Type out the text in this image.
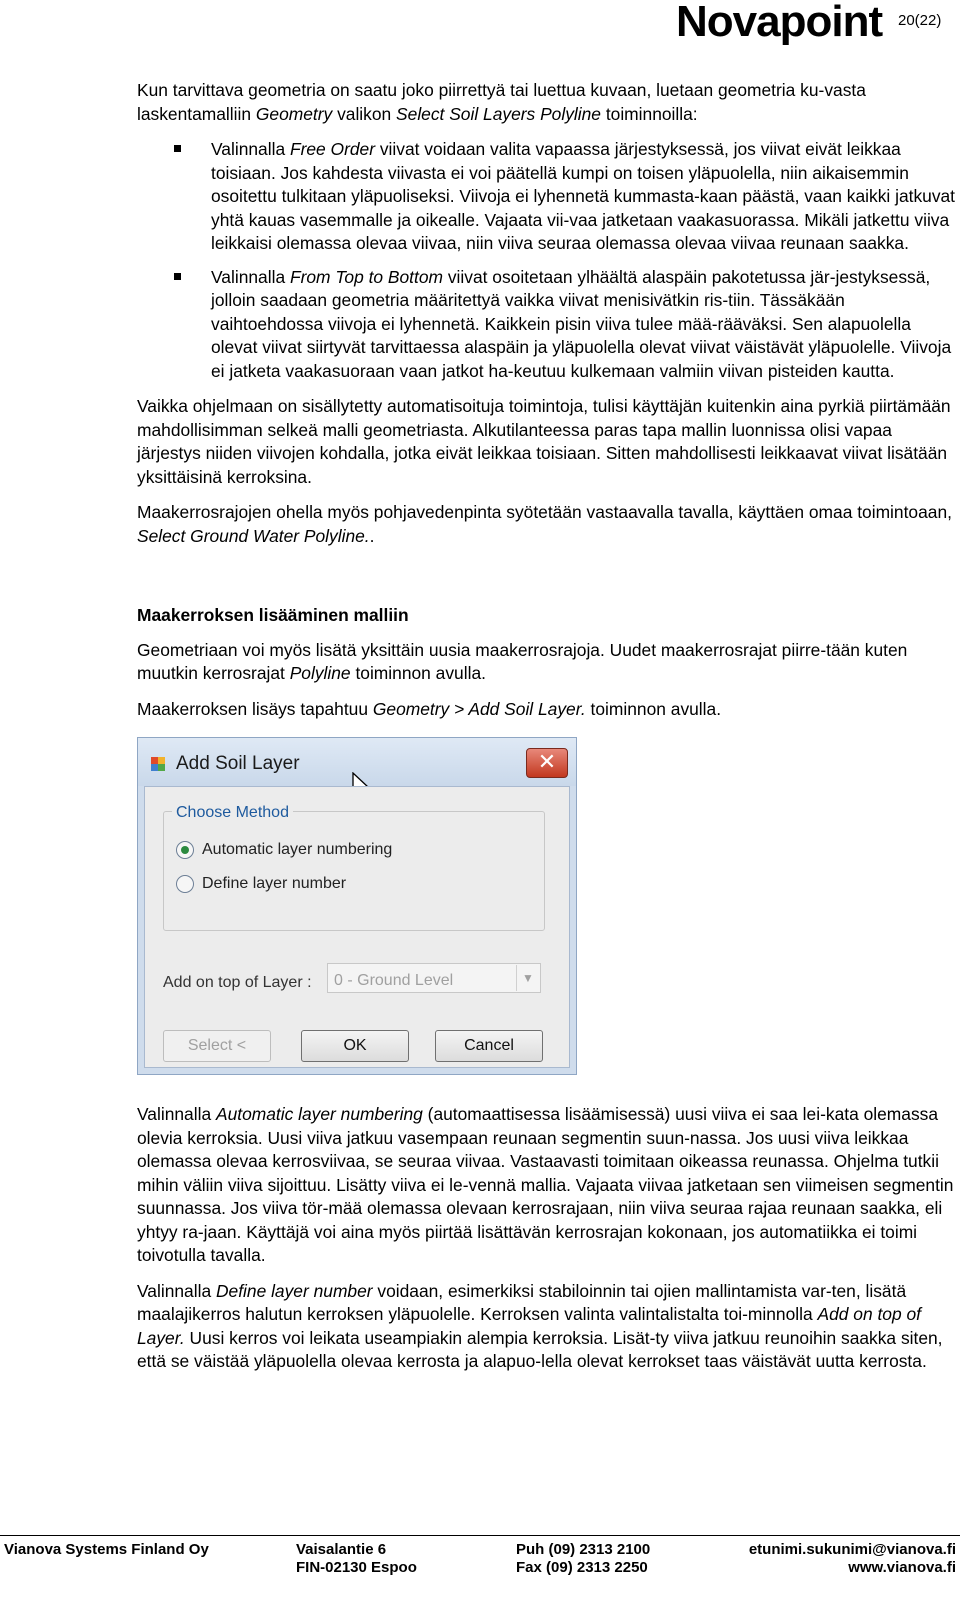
Novapoint 20(22)

Kun tarvittava geometria on saatu joko piirrettyä tai luettua kuvaan, luetaan geometria ku-vasta laskentamalliin Geometry valikon Select Soil Layers Polyline toiminnoilla:

Valinnalla Free Order viivat voidaan valita vapaassa järjestyksessä, jos viivat eivät leikkaa toisiaan. Jos kahdesta viivasta ei voi päätellä kumpi on toisen yläpuolella, niin aikaisemmin osoitettu tulkitaan yläpuoliseksi. Viivoja ei lyhennetä kummasta-kaan päästä, vaan kaikki jatkuvat yhtä kauas vasemmalle ja oikealle. Vajaata vii-vaa jatketaan vaakasuorassa. Mikäli jatkettu viiva leikkaisi olemassa olevaa viivaa, niin viiva seuraa olemassa olevaa viivaa reunaan saakka.
Valinnalla From Top to Bottom viivat osoitetaan ylhäältä alaspäin pakotetussa jär-jestyksessä, jolloin saadaan geometria määritettyä vaikka viivat menisivätkin ris-tiin. Tässäkään vaihtoehdossa viivoja ei lyhennetä. Kaikkein pisin viiva tulee mää-rääväksi. Sen alapuolella olevat viivat siirtyvät tarvittaessa alaspäin ja yläpuolella olevat viivat väistävät yläpuolelle. Viivoja ei jatketa vaakasuoraan vaan jatkot ha-keutuu kulkemaan valmiin viivan pisteiden kautta.

Vaikka ohjelmaan on sisällytetty automatisoituja toimintoja, tulisi käyttäjän kuitenkin aina pyrkiä piirtämään mahdollisimman selkeä malli geometriasta. Alkutilanteessa paras tapa mallin luonnissa olisi vapaa järjestys niiden viivojen kohdalla, jotka eivät leikkaa toisiaan. Sitten mahdollisesti leikkaavat viivat lisätään yksittäisinä kerroksina.

Maakerrosrajojen ohella myös pohjavedenpinta syötetään vastaavalla tavalla, käyttäen omaa toimintoaan, Select Ground Water Polyline..

Maakerroksen lisääminen malliin

Geometriaan voi myös lisätä yksittäin uusia maakerrosrajoja. Uudet maakerrosrajat piirre-tään kuten muutkin kerrosrajat Polyline toiminnon avulla.

Maakerroksen lisäys tapahtuu Geometry > Add Soil Layer. toiminnon avulla.

Add Soil Layer	✕
Choose Method
Automatic layer numbering
Define layer number
Add on top of Layer : 0 - Ground Level	▼
Select <	OK	Cancel

Valinnalla Automatic layer numbering (automaattisessa lisäämisessä) uusi viiva ei saa lei-kata olemassa olevia kerroksia. Uusi viiva jatkuu vasempaan reunaan segmentin suun-nassa. Jos uusi viiva leikkaa olemassa olevaa kerrosviivaa, se seuraa viivaa. Vastaavasti toimitaan oikeassa reunassa. Ohjelma tutkii mihin väliin viiva sijoittuu. Lisätty viiva ei le-vennä mallia. Vajaata viivaa jatketaan sen viimeisen segmentin suunnassa. Jos viiva tör-mää olemassa olevaan kerrosrajaan, niin viiva seuraa rajaa reunaan saakka, eli yhtyy ra-jaan. Käyttäjä voi aina myös piirtää lisättävän kerrosrajan kokonaan, jos automatiikka ei toimi toivotulla tavalla.

Valinnalla Define layer number voidaan, esimerkiksi stabiloinnin tai ojien mallintamista var-ten, lisätä maalajikerros halutun kerroksen yläpuolelle. Kerroksen valinta valintalistalta toi-minnolla Add on top of Layer. Uusi kerros voi leikata useampiakin alempia kerroksia. Lisät-ty viiva jatkuu reunoihin saakka siten, että se väistää yläpuolella olevaa kerrosta ja alapuo-lella olevat kerrokset taas väistävät uutta kerrosta.

Vianova Systems Finland Oy	Vaisalantie 6
FIN-02130 Espoo
Puh (09) 2313 2100
Fax (09) 2313 2250
etunimi.sukunimi@vianova.fi
www.vianova.fi
